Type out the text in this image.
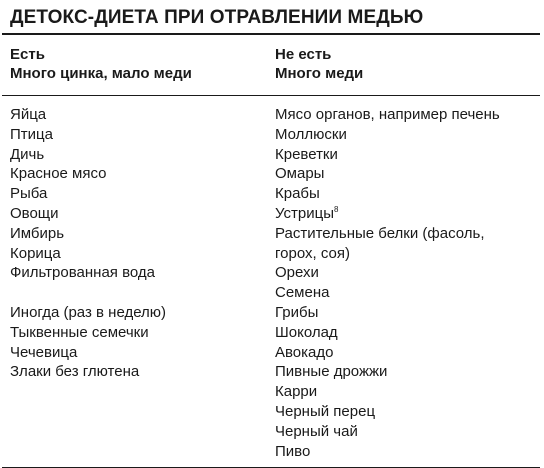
ДЕТОКС-ДИЕТА ПРИ ОТРАВЛЕНИИ МЕДЬЮ
Есть
Много цинка, мало меди
Не есть
Много меди
Яйца
Птица
Дичь
Красное мясо
Рыба
Овощи
Имбирь
Корица
Фильтрованная вода
Иногда (раз в неделю)
Тыквенные семечки
Чечевица
Злаки без глютена
Мясо органов, например печень
Моллюски
Креветки
Омары
Крабы
Устрицы$^8$
Растительные белки (фасоль, горох, соя)
Орехи
Семена
Грибы
Шоколад
Авокадо
Пивные дрожжи
Карри
Черный перец
Черный чай
Пиво
